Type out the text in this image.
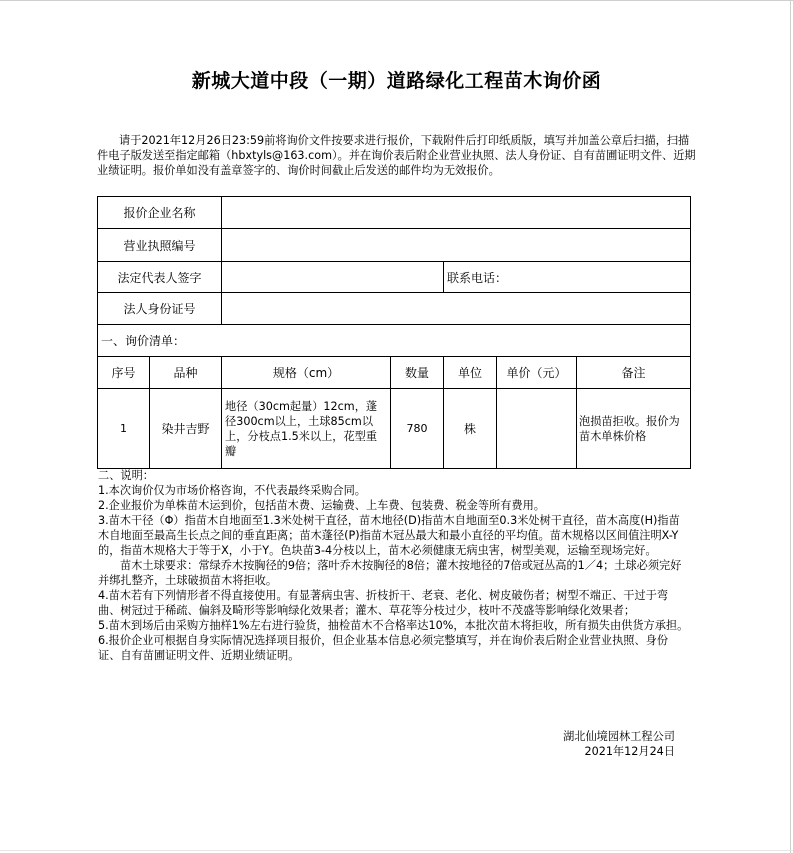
新城大道中段（一期）道路绿化工程苗木询价函
请于2021年12月26日23:59前将询价文件按要求进行报价，下载附件后打印纸质版，填写并加盖公章后扫描，扫描件电子版发送至指定邮箱（hbxtyls@163.com）。并在询价表后附企业营业执照、法人身份证、自有苗圃证明文件、近期业绩证明。报价单如没有盖章签字的、询价时间截止后发送的邮件均为无效报价。
报价企业名称						
营业执照编号						
法定代表人签字				联系电话：		
法人身份证号						
一、询价清单：						
序号	品种	规格（cm）	数量	单位	单价（元）	备注
1	染井吉野	地径（30cm起量）12cm，蓬径300cm以上，土球85cm以上，分枝点1.5米以上，花型重瓣	780	株		泡损苗拒收。报价为苗木单株价格
二、说明：
1.本次询价仅为市场价格咨询，不代表最终采购合同。
2.企业报价为单株苗木运到价，包括苗木费、运输费、上车费、包装费、税金等所有费用。
3.苗木干径（Φ）指苗木自地面至1.3米处树干直径，苗木地径(D)指苗木自地面至0.3米处树干直径，苗木高度(H)指苗木自地面至最高生长点之间的垂直距离；苗木蓬径(P)指苗木冠丛最大和最小直径的平均值。苗木规格以区间值注明X-Y的，指苗木规格大于等于X，小于Y。色块苗3-4分枝以上，苗木必须健康无病虫害，树型美观，运输至现场完好。
苗木土球要求：常绿乔木按胸径的9倍；落叶乔木按胸径的8倍；灌木按地径的7倍或冠丛高的1／4；土球必须完好并绑扎整齐，土球破损苗木将拒收。
4.苗木若有下列情形者不得直接使用。有显著病虫害、折枝折干、老衰、老化、树皮破伤者；树型不端正、干过于弯曲、树冠过于稀疏、偏斜及畸形等影响绿化效果者；灌木、草花等分枝过少，枝叶不茂盛等影响绿化效果者；
5.苗木到场后由采购方抽样1%左右进行验货，抽检苗木不合格率达10%，本批次苗木将拒收，所有损失由供货方承担。
6.报价企业可根据自身实际情况选择项目报价，但企业基本信息必须完整填写，并在询价表后附企业营业执照、身份证、自有苗圃证明文件、近期业绩证明。
湖北仙境园林工程公司
2021年12月24日
